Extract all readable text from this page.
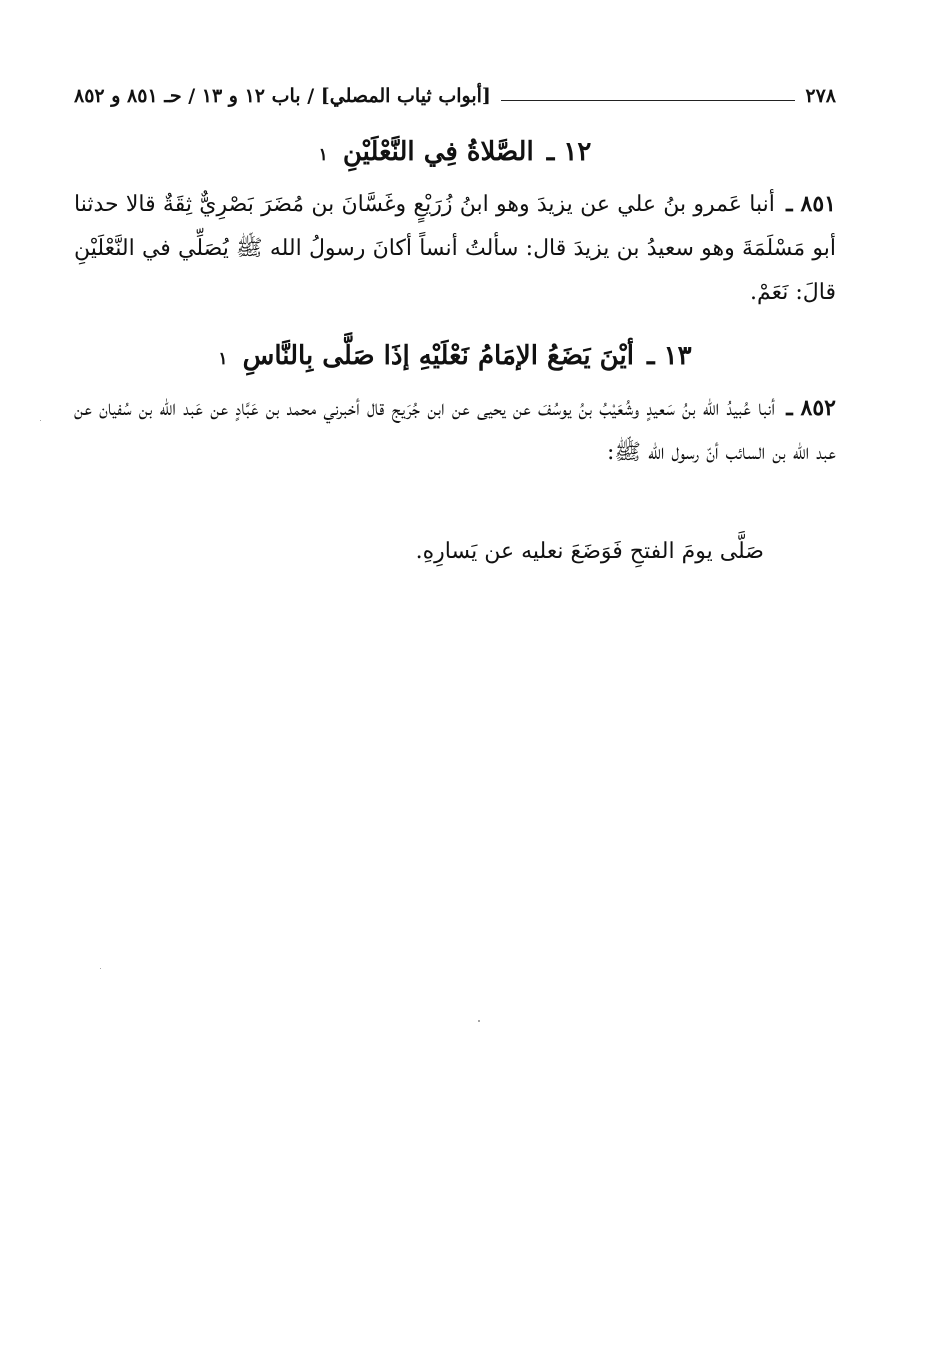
٢٧٨
[أبواب ثياب المصلي] / باب ١٢ و ١٣ / حـ ٨٥١ و ٨٥٢
١٢ ـ الصَّلاةُ فِي النَّعْلَيْنِ ١
٨٥١ ـ أنبا عَمرو بنُ علي عن يزيدَ وهو ابنُ زُرَيْعٍ وغَسَّانَ بن مُضَرَ بَصْرِيٌّ ثِقَةٌ قالا حدثنا أبو مَسْلَمَةَ وهو سعيدُ بن يزيدَ قال: سألتُ أنساً أكانَ رسولُ الله ﷺ يُصَلِّي في النَّعْلَيْنِ قالَ: نَعَمْ.
١٣ ـ أيْنَ يَضَعُ الإمَامُ نَعْلَيْهِ إذَا صَلَّى بِالنَّاسِ ١
٨٥٢ ـ أنبا عُبيدُ الله بنُ سَعيدٍ وشُعَيْبُ بنُ يوسُفَ عن يحيى عن ابن جُرَيج قال أخبرني محمد بن عَبَّادٍ عن عَبد الله بن سُفيان عن عبد الله بن السائب أنّ رسول الله ﷺ:
صَلَّى يومَ الفتحِ فَوَضَعَ نعليه عن يَسارِهِ.
